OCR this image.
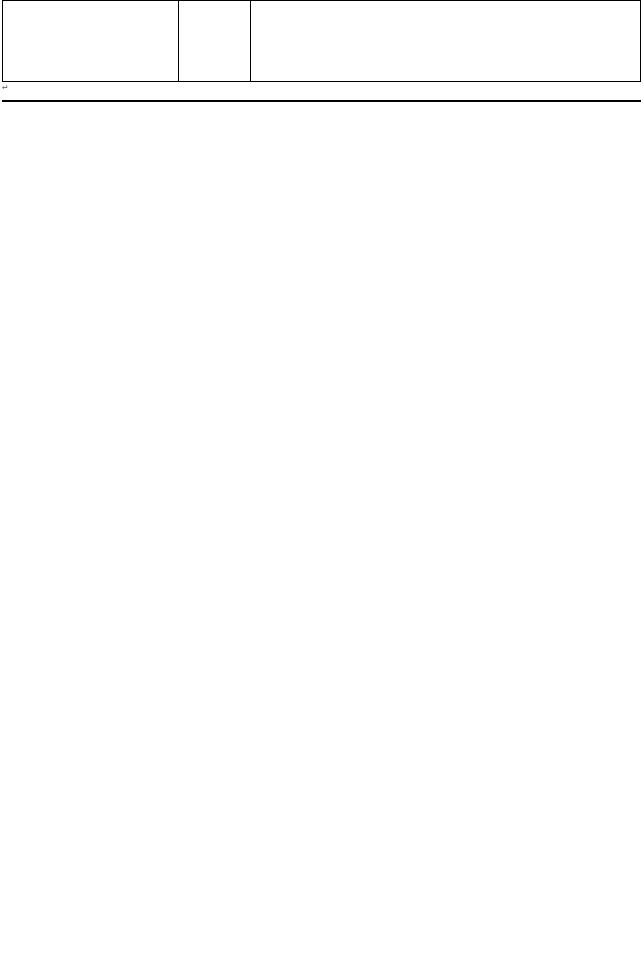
↵
